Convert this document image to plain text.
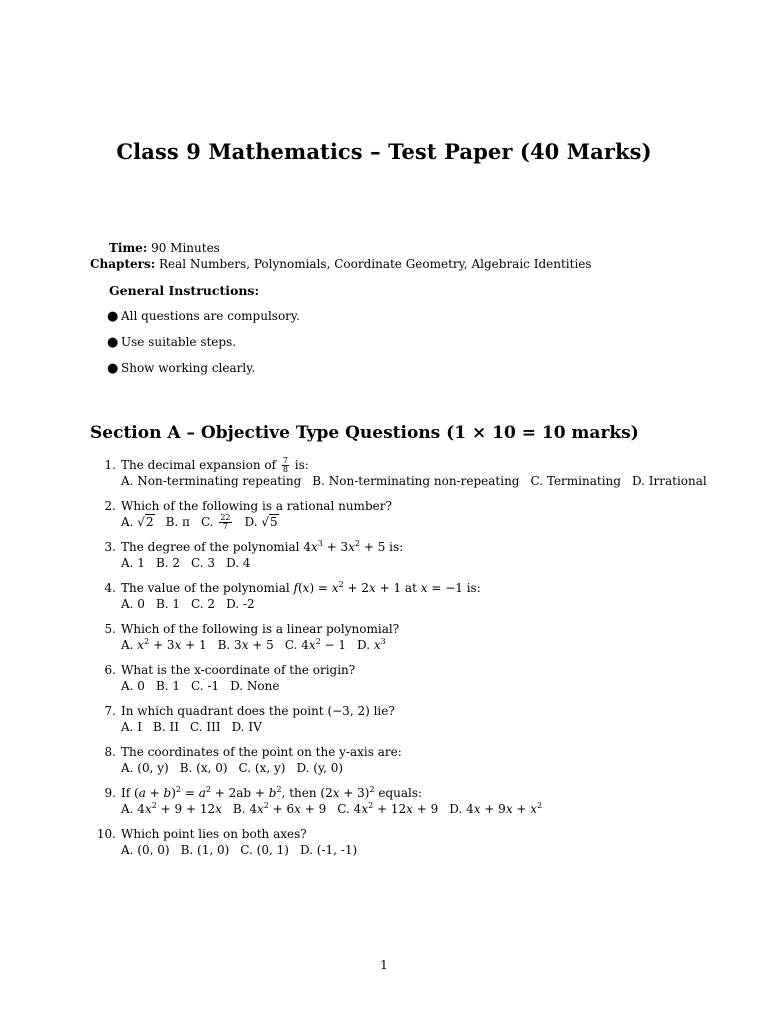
Class 9 Mathematics – Test Paper (40 Marks)
Time: 90 Minutes
Chapters: Real Numbers, Polynomials, Coordinate Geometry, Algebraic Identities
General Instructions:
● All questions are compulsory.
● Use suitable steps.
● Show working clearly.
Section A – Objective Type Questions (1 × 10 = 10 marks)
1. The decimal expansion of $\frac{7}{8}$ is:
A. Non-terminating repeating B. Non-terminating non-repeating C. Terminating D. Irrational
2. Which of the following is a rational number?
A. √2 B. π C. $\frac{22}{7} D$. √5
3. The degree of the polynomial $4x^3 + 3x^2 + 5$ is:
A. 1 B. 2 C. 3 D. 4
4. The value of the polynomial $f(x) = x^2 + 2x + 1$ at x = −1 is:
A. 0 B. 1 C. 2 D. -2
5. Which of the following is a linear polynomial?
A. $x^2 + 3x + 1$ B. 3x + 5 C. $4x^2 - 1$ D. $x^3$
6. What is the x-coordinate of the origin?
A. 0 B. 1 C. -1 D. None
7. In which quadrant does the point (−3, 2) lie?
A. I B. II C. III D. IV
8. The coordinates of the point on the y-axis are:
A. (0, y) B. (x, 0) C. (x, y) D. (y, 0)
9. If $(a + b)^2 = a^2 + 2ab + b^2$, then $(2x + 3)^2$ equals:
A. $4x^2 + 9 + 12x$ B. $4x^2 + 6x + 9$ C. $4x^2 + 12x + 9$ D. $4x + 9x + x^2$
10. Which point lies on both axes?
A. (0, 0) B. (1, 0) C. (0, 1) D. (-1, -1)
1
